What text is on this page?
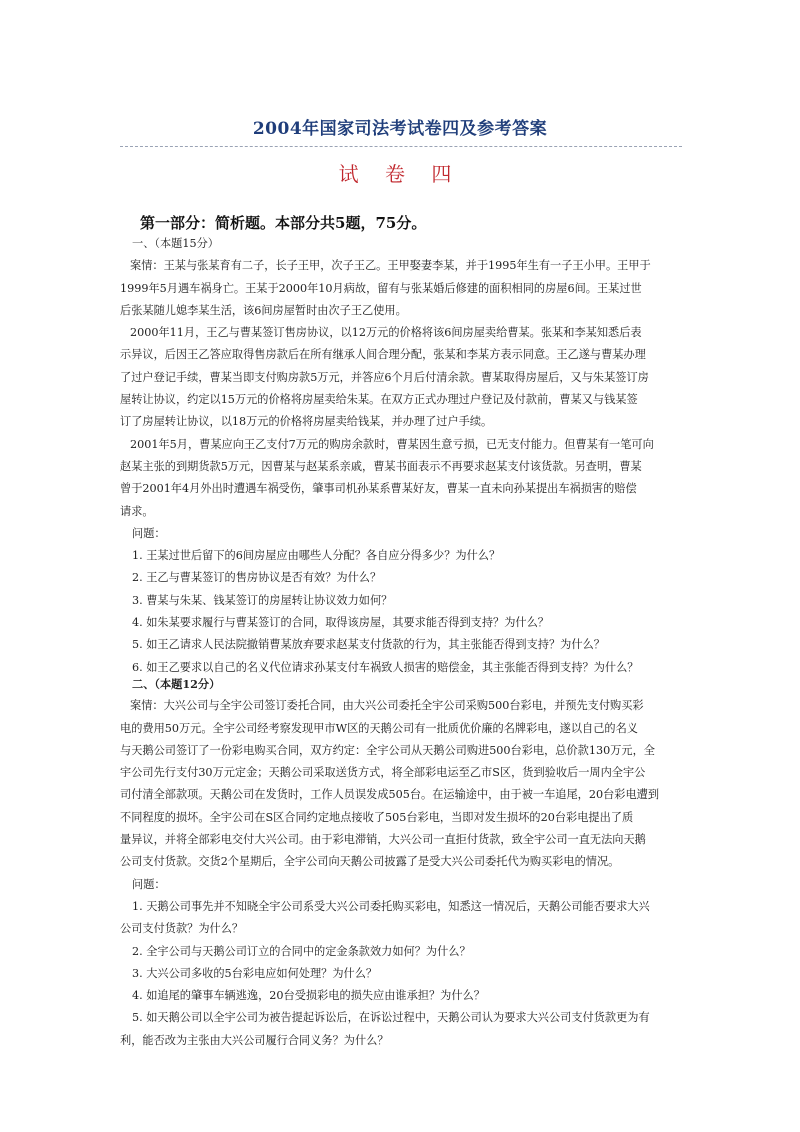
2004年国家司法考试卷四及参考答案
试 卷 四
第一部分：简析题。本部分共5题，75分。

一、（本题15分）

案情：王某与张某育有二子，长子王甲，次子王乙。王甲娶妻李某，并于1995年生有一子王小甲。王甲于

1999年5月遇车祸身亡。王某于2000年10月病故，留有与张某婚后修建的面积相同的房屋6间。王某过世

后张某随儿媳李某生活，该6间房屋暂时由次子王乙使用。

2000年11月，王乙与曹某签订售房协议，以12万元的价格将该6间房屋卖给曹某。张某和李某知悉后表

示异议，后因王乙答应取得售房款后在所有继承人间合理分配，张某和李某方表示同意。王乙遂与曹某办理

了过户登记手续，曹某当即支付购房款5万元，并答应6个月后付清余款。曹某取得房屋后，又与朱某签订房

屋转让协议，约定以15万元的价格将房屋卖给朱某。在双方正式办理过户登记及付款前，曹某又与钱某签

订了房屋转让协议，以18万元的价格将房屋卖给钱某，并办理了过户手续。

2001年5月，曹某应向王乙支付7万元的购房余款时，曹某因生意亏损，已无支付能力。但曹某有一笔可向

赵某主张的到期货款5万元，因曹某与赵某系亲戚，曹某书面表示不再要求赵某支付该货款。另查明，曹某

曾于2001年4月外出时遭遇车祸受伤，肇事司机孙某系曹某好友，曹某一直未向孙某提出车祸损害的赔偿

请求。

问题：

1. 王某过世后留下的6间房屋应由哪些人分配？各自应分得多少？为什么？

2. 王乙与曹某签订的售房协议是否有效？为什么？

3. 曹某与朱某、钱某签订的房屋转让协议效力如何？

4. 如朱某要求履行与曹某签订的合同，取得该房屋，其要求能否得到支持？为什么？

5. 如王乙请求人民法院撤销曹某放弃要求赵某支付货款的行为，其主张能否得到支持？为什么？

6. 如王乙要求以自己的名义代位请求孙某支付车祸致人损害的赔偿金，其主张能否得到支持？为什么？

二、（本题12分）

案情：大兴公司与全宇公司签订委托合同，由大兴公司委托全宇公司采购500台彩电，并预先支付购买彩

电的费用50万元。全宇公司经考察发现甲市W区的天鹅公司有一批质优价廉的名牌彩电，遂以自己的名义

与天鹅公司签订了一份彩电购买合同，双方约定：全宇公司从天鹅公司购进500台彩电，总价款130万元，全

宇公司先行支付30万元定金；天鹅公司采取送货方式，将全部彩电运至乙市S区，货到验收后一周内全宇公

司付清全部款项。天鹅公司在发货时，工作人员误发成505台。在运输途中，由于被一车追尾，20台彩电遭到

不同程度的损坏。全宇公司在S区合同约定地点接收了505台彩电，当即对发生损坏的20台彩电提出了质

量异议，并将全部彩电交付大兴公司。由于彩电滞销，大兴公司一直拒付货款，致全宇公司一直无法向天鹅

公司支付货款。交货2个星期后，全宇公司向天鹅公司披露了是受大兴公司委托代为购买彩电的情况。

问题：

1. 天鹅公司事先并不知晓全宇公司系受大兴公司委托购买彩电，知悉这一情况后，天鹅公司能否要求大兴

公司支付货款？为什么？

2. 全宇公司与天鹅公司订立的合同中的定金条款效力如何？为什么？

3. 大兴公司多收的5台彩电应如何处理？为什么？

4. 如追尾的肇事车辆逃逸，20台受损彩电的损失应由谁承担？为什么？

5. 如天鹅公司以全宇公司为被告提起诉讼后，在诉讼过程中，天鹅公司认为要求大兴公司支付货款更为有

利，能否改为主张由大兴公司履行合同义务？为什么？
